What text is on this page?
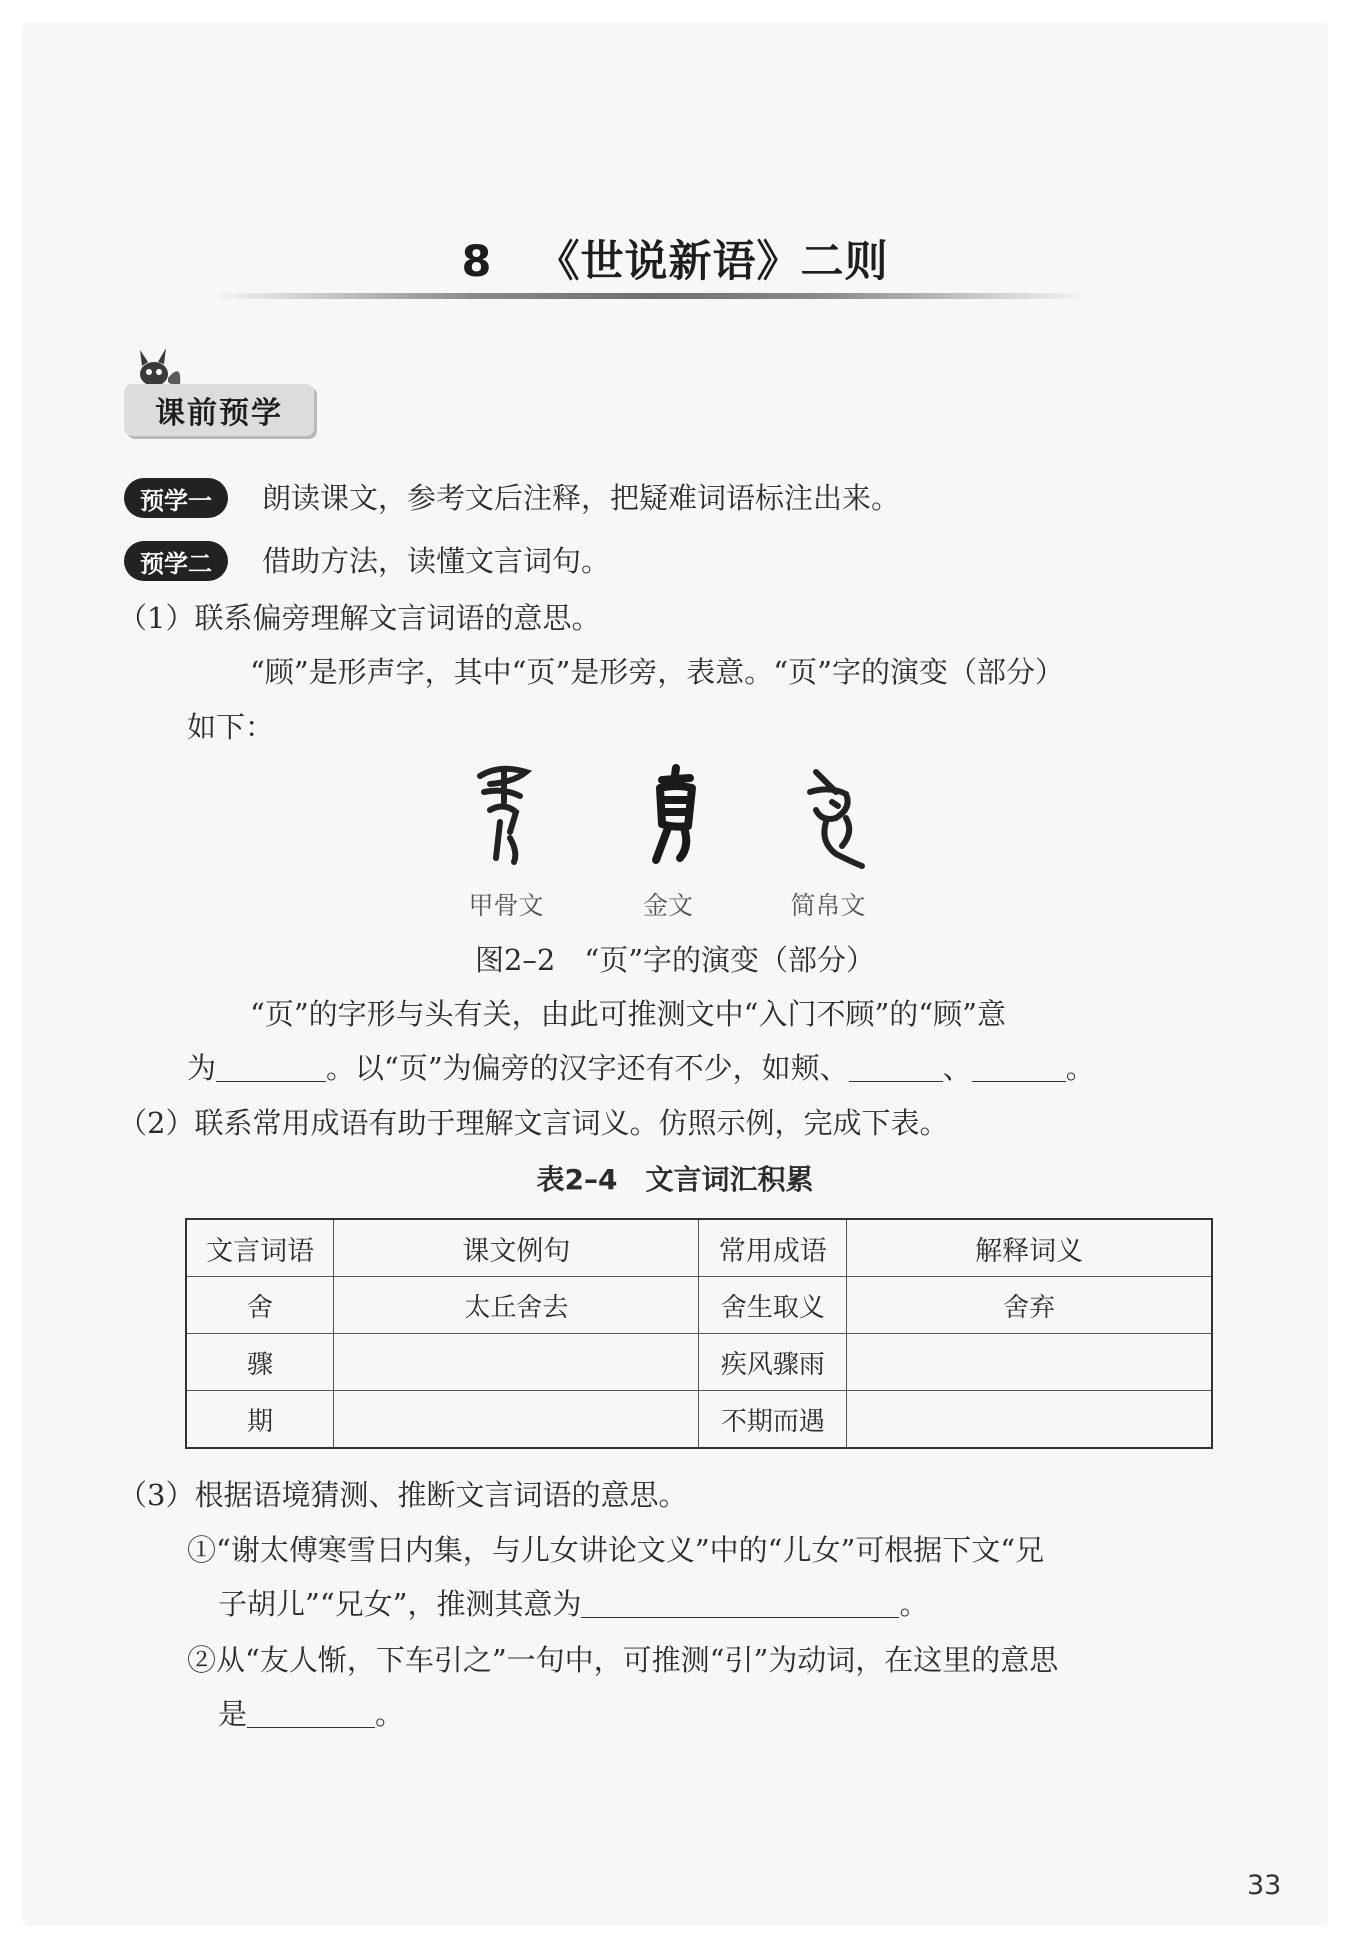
8 《世说新语》二则
课前预学
预学一	朗读课文，参考文后注释，把疑难词语标注出来。
预学二	借助方法，读懂文言词句。
（1）联系偏旁理解文言词语的意思。
“顾”是形声字，其中“页”是形旁，表意。“页”字的演变（部分）
如下：
甲骨文	金文	简帛文
图2–2　“页”字的演变（部分）
“页”的字形与头有关，由此可推测文中“入门不顾”的“顾”意
为	。以“页”为偏旁的汉字还有不少，如颊、	、	。
（2）联系常用成语有助于理解文言词义。仿照示例，完成下表。
表2–4　文言词汇积累
文言词语	课文例句	常用成语	解释词义
舍	太丘舍去	舍生取义	舍弃
骤		疾风骤雨	
期		不期而遇	
（3）根据语境猜测、推断文言词语的意思。
①“谢太傅寒雪日内集，与儿女讲论文义”中的“儿女”可根据下文“兄
子胡儿”“兄女”，推测其意为	。
②从“友人惭，下车引之”一句中，可推测“引”为动词，在这里的意思
是	。
33
